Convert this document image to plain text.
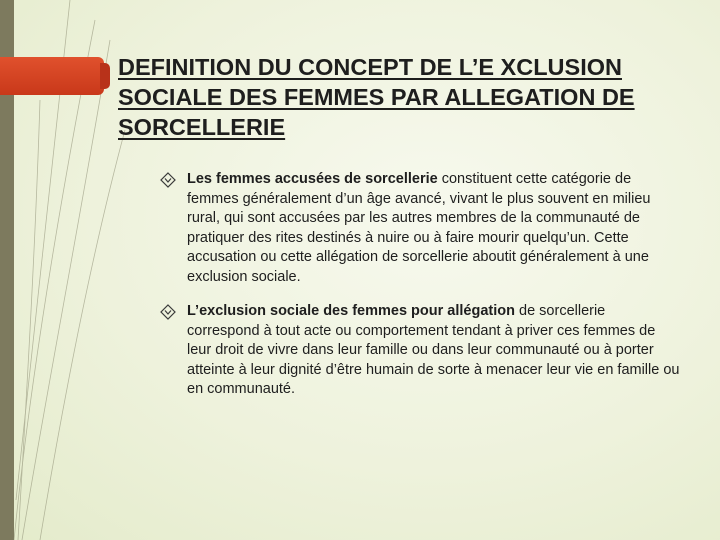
DEFINITION DU CONCEPT DE L’E XCLUSION
SOCIALE DES FEMMES PAR ALLEGATION DE
SORCELLERIE
Les femmes accusées de sorcellerie constituent cette catégorie de femmes généralement d’un âge avancé, vivant le plus souvent en milieu rural, qui sont accusées par les autres membres de la communauté de pratiquer des rites destinés à nuire ou à faire mourir quelqu’un. Cette accusation ou cette allégation de sorcellerie aboutit généralement à une exclusion sociale.
L’exclusion sociale des femmes pour allégation de sorcellerie correspond à tout acte ou comportement tendant à priver ces femmes de leur droit de vivre dans leur famille ou dans leur communauté ou à porter atteinte à leur dignité d’être humain de sorte à menacer leur vie en famille ou en communauté.
